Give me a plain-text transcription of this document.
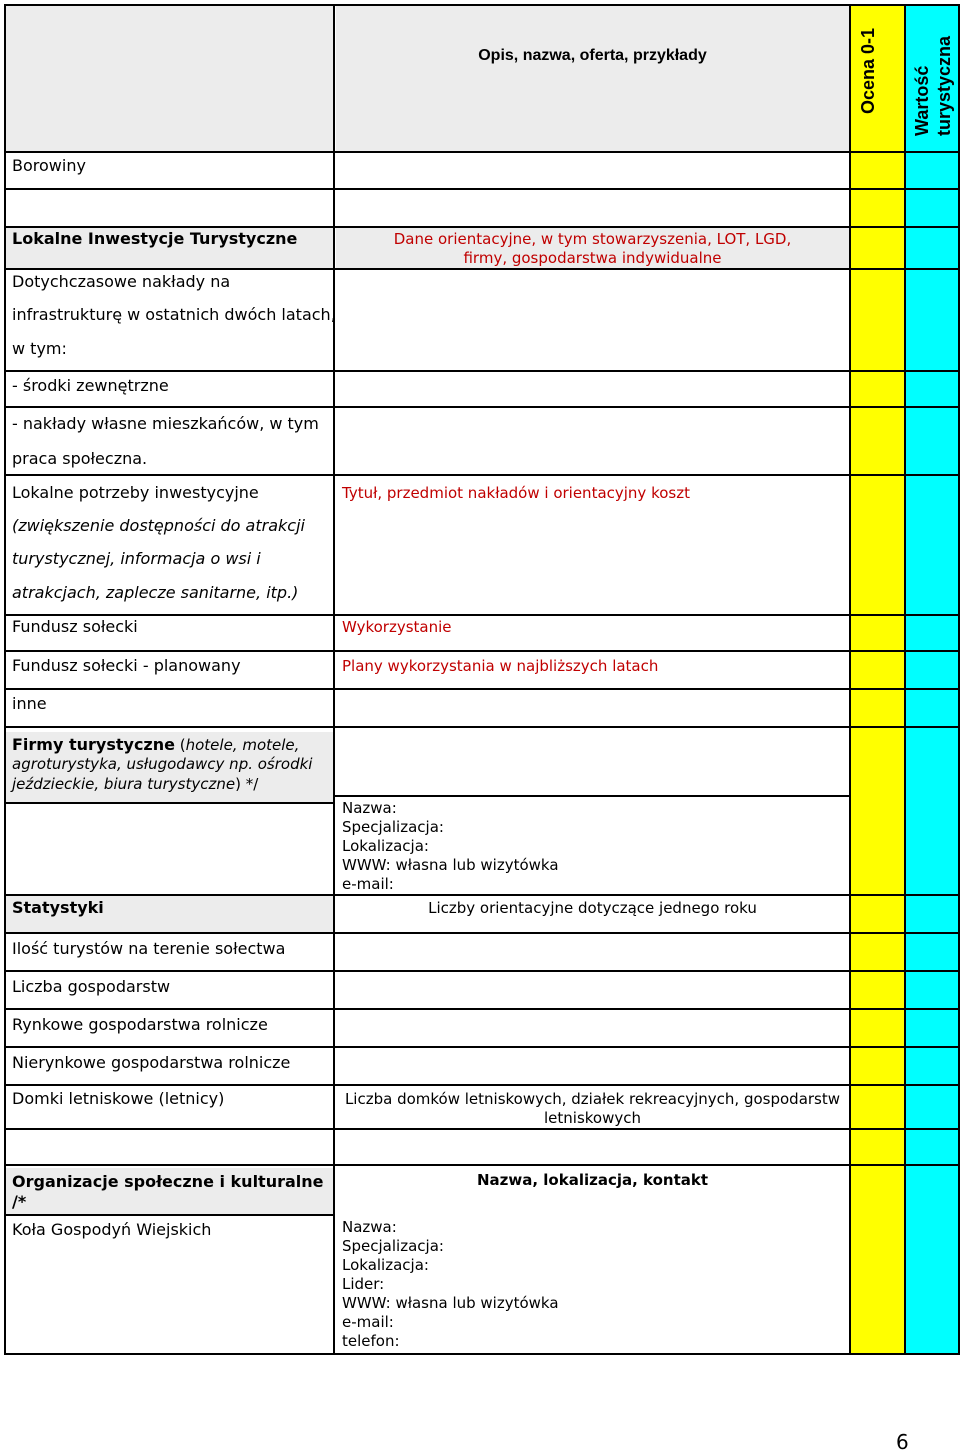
Opis, nazwa, oferta, przykłady	Ocena 0-1	Wartość turystyczna
Borowiny
Lokalne Inwestycje Turystyczne
Dotychczasowe nakłady na
infrastrukturę w ostatnich dwóch latach,
w tym:
- środki zewnętrzne
- nakłady własne mieszkańców, w tym
praca społeczna.
Lokalne potrzeby inwestycyjne
(zwiększenie dostępności do atrakcji
turystycznej, informacja o wsi i
atrakcjach, zaplecze sanitarne, itp.)
Fundusz sołecki
Fundusz sołecki - planowany
inne
Firmy turystyczne (hotele, motele,
agroturystyka, usługodawcy np. ośrodki
jeździeckie, biura turystyczne) */
Statystyki
Ilość turystów na terenie sołectwa
Liczba gospodarstw
Rynkowe gospodarstwa rolnicze
Nierynkowe gospodarstwa rolnicze
Domki letniskowe (letnicy)
Organizacje społeczne i kulturalne
/*
Koła Gospodyń Wiejskich
Dane orientacyjne, w tym stowarzyszenia, LOT, LGD, firmy, gospodarstwa indywidualne
Tytuł, przedmiot nakładów i orientacyjny koszt
Wykorzystanie
Plany wykorzystania w najbliższych latach
Nazwa:
Specjalizacja:
Lokalizacja:
WWW: własna lub wizytówka
e-mail:
Liczby orientacyjne dotyczące jednego roku
Liczba domków letniskowych, działek rekreacyjnych, gospodarstw
letniskowych
Nazwa, lokalizacja, kontakt
Nazwa:
Specjalizacja:
Lokalizacja:
Lider:
WWW: własna lub wizytówka
e-mail:
telefon:
6
